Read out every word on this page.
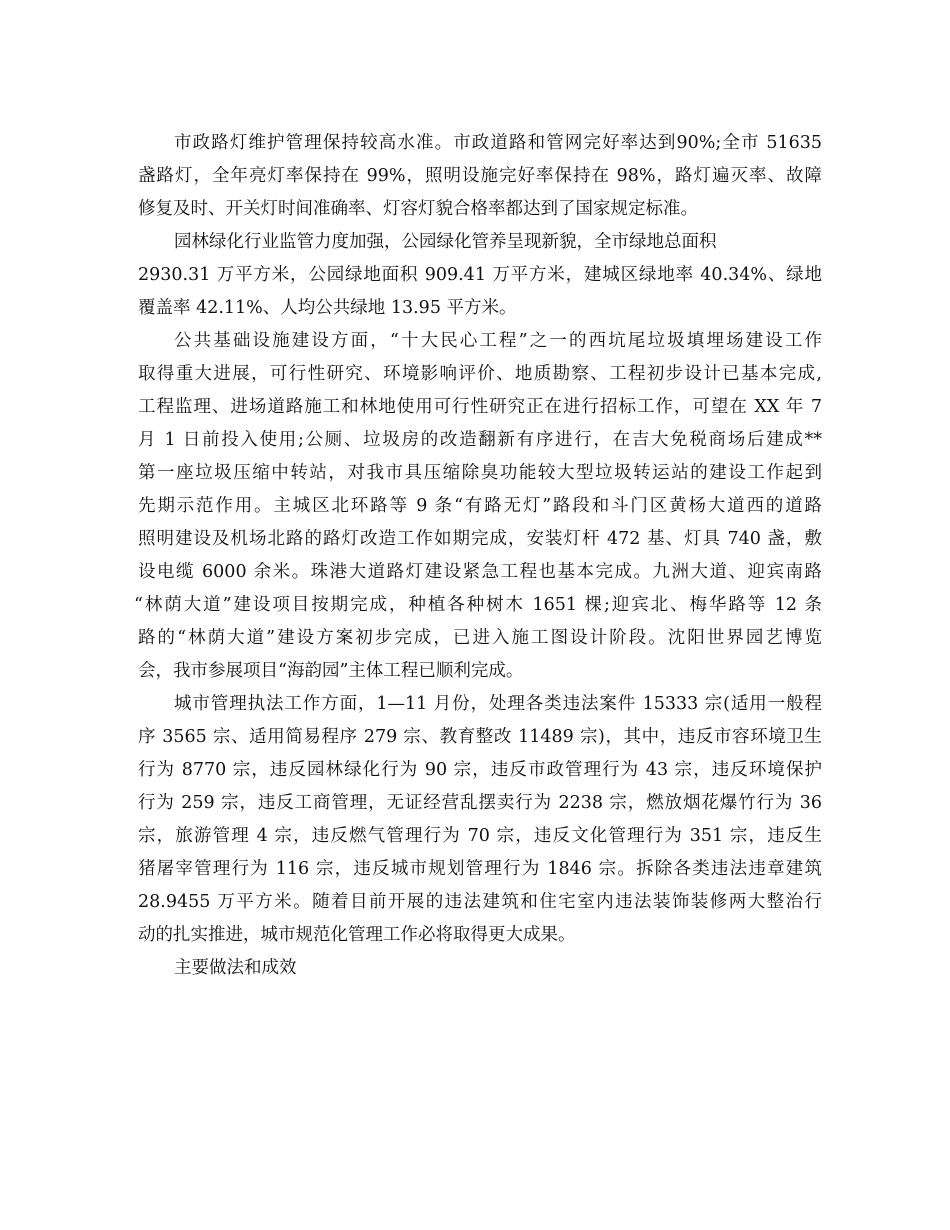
市政路灯维护管理保持较高水准。市政道路和管网完好率达到90%;全市 51635
盏路灯，全年亮灯率保持在 99%，照明设施完好率保持在 98%，路灯遍灭率、故障
修复及时、开关灯时间准确率、灯容灯貌合格率都达到了国家规定标准。

园林绿化行业监管力度加强，公园绿化管养呈现新貌，全市绿地总面积
2930.31 万平方米，公园绿地面积 909.41 万平方米，建城区绿地率 40.34%、绿地
覆盖率 42.11%、人均公共绿地 13.95 平方米。

公共基础设施建设方面，“十大民心工程”之一的西坑尾垃圾填埋场建设工作
取得重大进展，可行性研究、环境影响评价、地质勘察、工程初步设计已基本完成,
工程监理、进场道路施工和林地使用可行性研究正在进行招标工作，可望在 XX 年 7
月 1 日前投入使用;公厕、垃圾房的改造翻新有序进行，在吉大免税商场后建成**
第一座垃圾压缩中转站，对我市具压缩除臭功能较大型垃圾转运站的建设工作起到
先期示范作用。主城区北环路等 9 条“有路无灯”路段和斗门区黄杨大道西的道路
照明建设及机场北路的路灯改造工作如期完成，安装灯杆 472 基、灯具 740 盏，敷
设电缆 6000 余米。珠港大道路灯建设紧急工程也基本完成。九洲大道、迎宾南路
“林荫大道”建设项目按期完成，种植各种树木 1651 棵;迎宾北、梅华路等 12 条
路的“林荫大道”建设方案初步完成，已进入施工图设计阶段。沈阳世界园艺博览
会，我市参展项目“海韵园”主体工程已顺利完成。

城市管理执法工作方面，1—11 月份，处理各类违法案件 15333 宗(适用一般程
序 3565 宗、适用简易程序 279 宗、教育整改 11489 宗)，其中，违反市容环境卫生
行为 8770 宗，违反园林绿化行为 90 宗，违反市政管理行为 43 宗，违反环境保护
行为 259 宗，违反工商管理，无证经营乱摆卖行为 2238 宗，燃放烟花爆竹行为 36
宗，旅游管理 4 宗，违反燃气管理行为 70 宗，违反文化管理行为 351 宗，违反生
猪屠宰管理行为 116 宗，违反城市规划管理行为 1846 宗。拆除各类违法违章建筑
28.9455 万平方米。随着目前开展的违法建筑和住宅室内违法装饰装修两大整治行
动的扎实推进，城市规范化管理工作必将取得更大成果。

主要做法和成效
